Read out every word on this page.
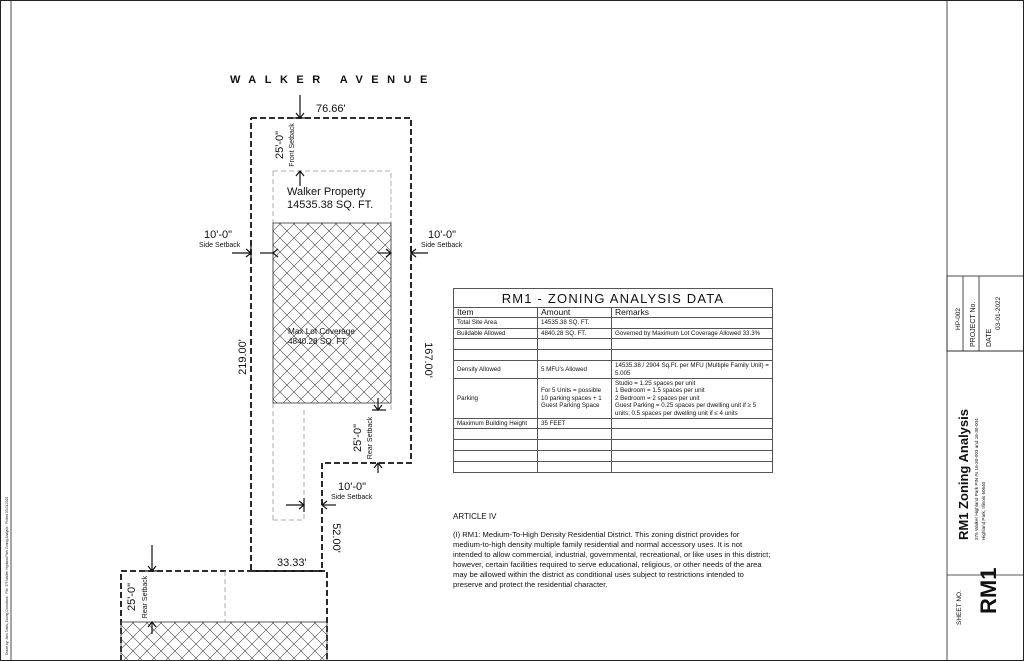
Drawn by: Jack Smith, Zoning Consultant · File: 375 Walker Highland Park Zoning Analysis · Plotted 03-01-2022
WALKER AVENUE
Walker Property
14535.38 SQ. FT.
Max Lot Coverage
4840.28 SQ. FT.
76.66'
219.00'	167.00'
52.00'
33.33'
25'-0" Front Setback
10'-0"
Side Setback
10'-0"
Side Setback
25'-0" Rear Setback
10'-0"
Side Setback
25'-0" Rear Setback
HP-002 PROJECT No.	03-01-2022
DATE
RM1 Zoning Analysis 375 Walker Highland Park PIN #s 16-30-003 and 16-30-004 Highland Park, Illinois 60640
SHEET NO. RM1
RM1 - ZONING ANALYSIS DATA
Item	Amount	Remarks
Total Site Area	14535.38 SQ. FT.	
Buildable Allowed	4840.28 SQ. FT.	Governed by Maximum Lot Coverage Allowed 33.3%

Density Allowed	5 MFU's Allowed	14535.38 / 2904 Sq.Ft. per MFU (Multiple Family Unit) = 5.005
Parking	For 5 Units = possible 10 parking spaces + 1 Guest Parking Space	Studio = 1.25 spaces per unit
1 Bedroom = 1.5 spaces per unit
2 Bedroom = 2 spaces per unit
Guest Parking = 0.25 spaces per dwelling unit if ≥ 5 units; 0.5 spaces per dwelling unit if ≤ 4 units
Maximum Building Height	35 FEET	

ARTICLE IV

(I) RM1: Medium-To-High Density Residential District. This zoning district provides for medium-to-high density multiple family residential and normal accessory uses. It is not intended to allow commercial, industrial, governmental, recreational, or like uses in this district; however, certain facilities required to serve educational, religious, or other needs of the area may be allowed within the district as conditional uses subject to restrictions intended to preserve and protect the residential character.
